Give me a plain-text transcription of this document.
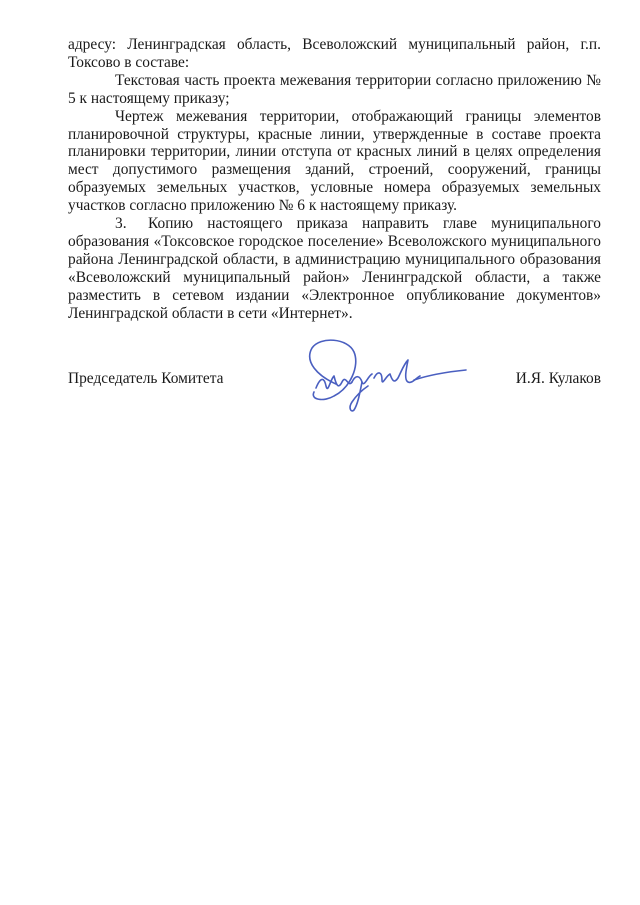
адресу: Ленинградская область, Всеволожский муниципальный район, г.п. Токсово в составе:

Текстовая часть проекта межевания территории согласно приложению № 5 к настоящему приказу;

Чертеж межевания территории, отображающий границы элементов планировочной структуры, красные линии, утвержденные в составе проекта планировки территории, линии отступа от красных линий в целях определения мест допустимого размещения зданий, строений, сооружений, границы образуемых земельных участков, условные номера образуемых земельных участков согласно приложению № 6 к настоящему приказу.

3. Копию настоящего приказа направить главе муниципального образования «Токсовское городское поселение» Всеволожского муниципального района Ленинградской области, в администрацию муниципального образования «Всеволожский муниципальный район» Ленинградской области, а также разместить в сетевом издании «Электронное опубликование документов» Ленинградской области в сети «Интернет».

Председатель Комитета	И.Я. Кулаков
